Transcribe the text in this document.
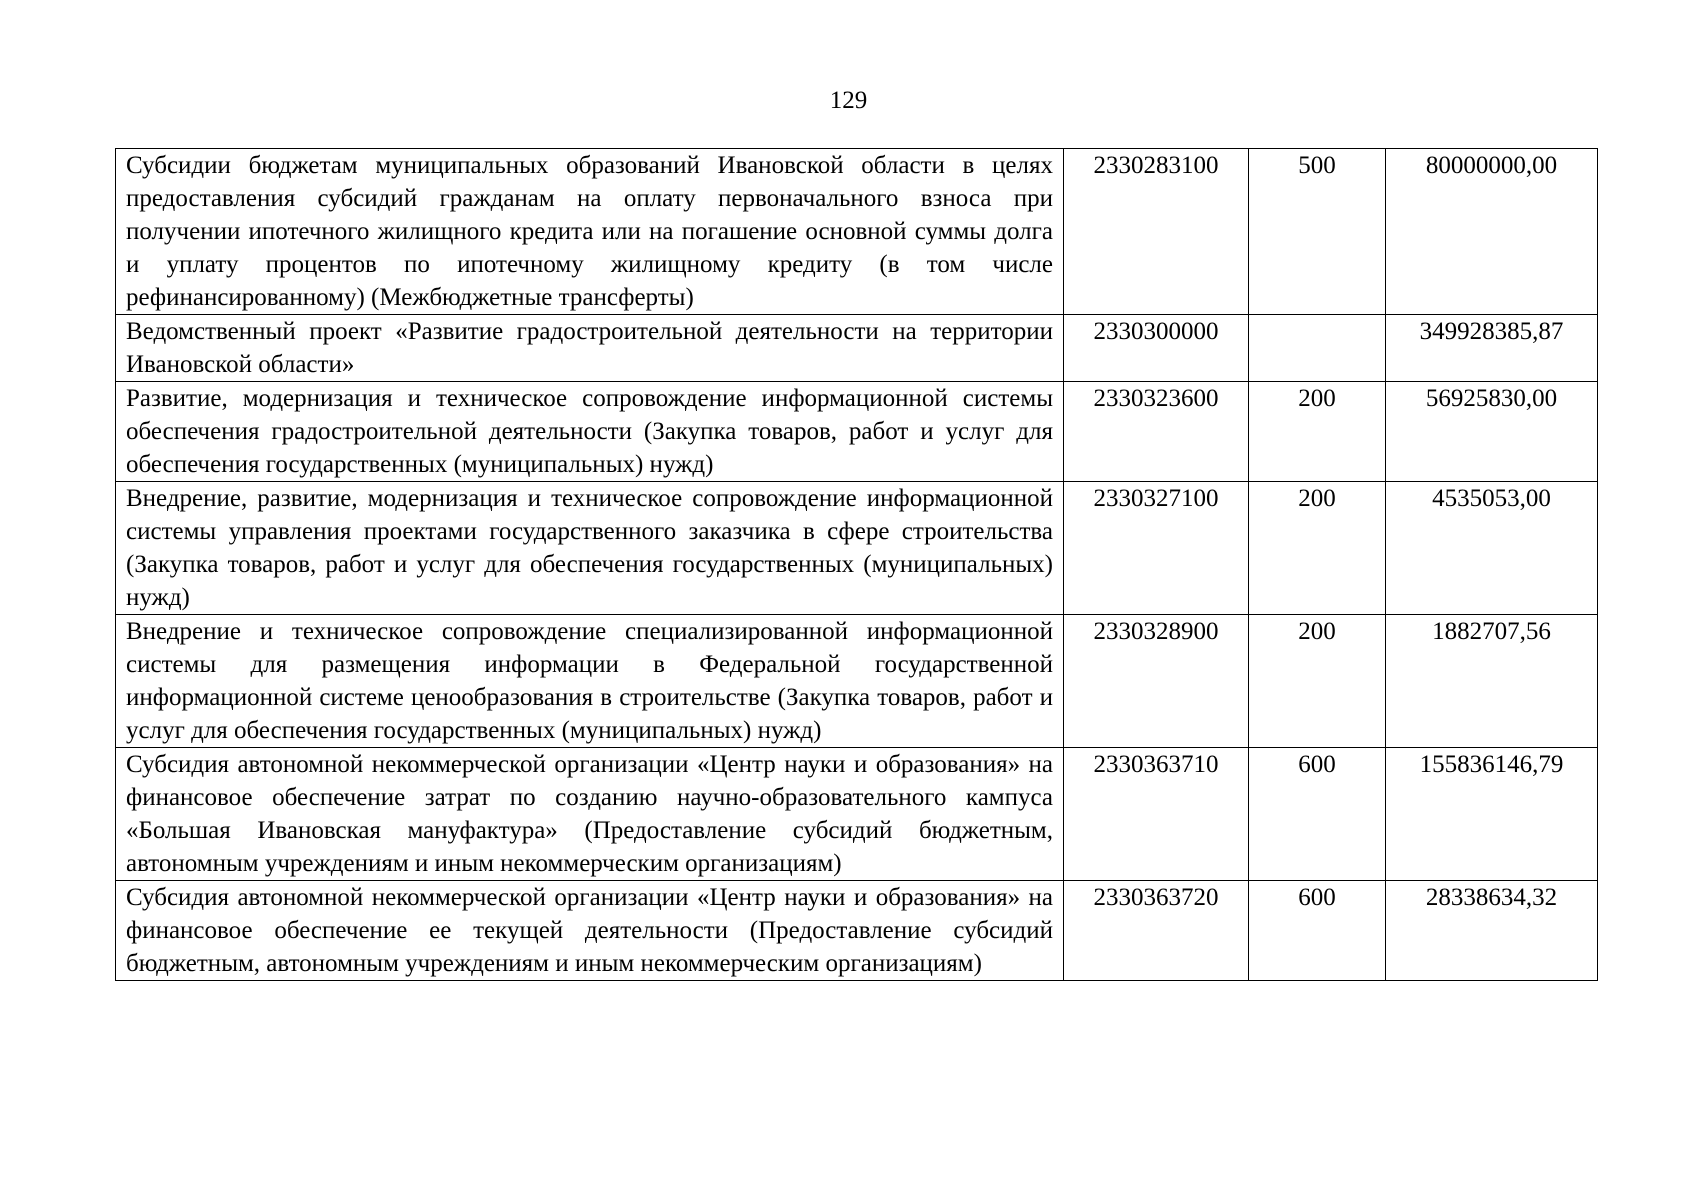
129
Субсидии бюджетам муниципальных образований Ивановской области в целях предоставления субсидий гражданам на оплату первоначального взноса при получении ипотечного жилищного кредита или на погашение основной суммы долга и уплату процентов по ипотечному жилищному кредиту (в том числе рефинансированному) (Межбюджетные трансферты)	2330283100	500	80000000,00
Ведомственный проект «Развитие градостроительной деятельности на территории Ивановской области»	2330300000		349928385,87
Развитие, модернизация и техническое сопровождение информационной системы обеспечения градостроительной деятельности (Закупка товаров, работ и услуг для обеспечения государственных (муниципальных) нужд)	2330323600	200	56925830,00
Внедрение, развитие, модернизация и техническое сопровождение информационной системы управления проектами государственного заказчика в сфере строительства (Закупка товаров, работ и услуг для обеспечения государственных (муниципальных) нужд)	2330327100	200	4535053,00
Внедрение и техническое сопровождение специализированной информационной системы для размещения информации в Федеральной государственной информационной системе ценообразования в строительстве (Закупка товаров, работ и услуг для обеспечения государственных (муниципальных) нужд)	2330328900	200	1882707,56
Субсидия автономной некоммерческой организации «Центр науки и образования» на финансовое обеспечение затрат по созданию научно-образовательного кампуса «Большая Ивановская мануфактура» (Предоставление субсидий бюджетным, автономным учреждениям и иным некоммерческим организациям)	2330363710	600	155836146,79
Субсидия автономной некоммерческой организации «Центр науки и образования» на финансовое обеспечение ее текущей деятельности (Предоставление субсидий бюджетным, автономным учреждениям и иным некоммерческим организациям)	2330363720	600	28338634,32
